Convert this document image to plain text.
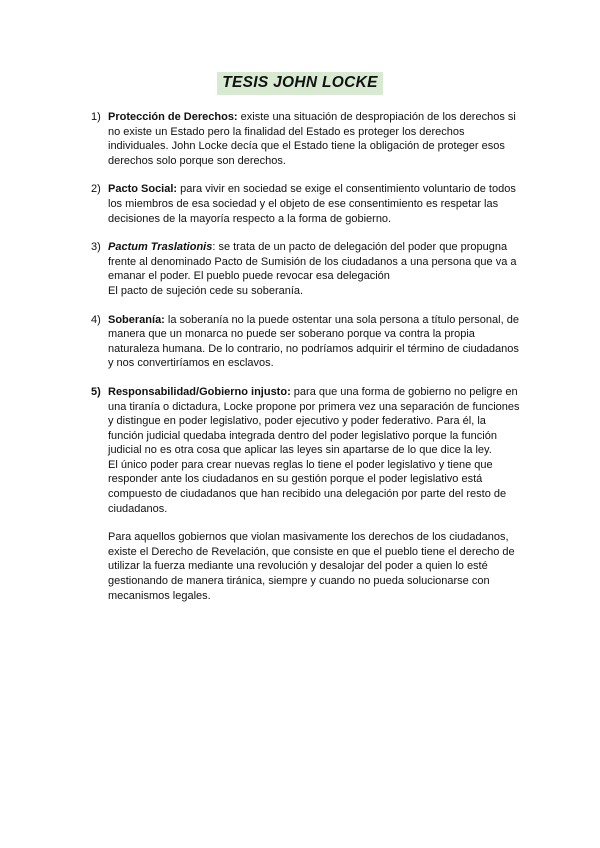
TESIS JOHN LOCKE
1) Protección de Derechos: existe una situación de despropiación de los derechos si no existe un Estado pero la finalidad del Estado es proteger los derechos individuales. John Locke decía que el Estado tiene la obligación de proteger esos derechos solo porque son derechos.

2) Pacto Social: para vivir en sociedad se exige el consentimiento voluntario de todos los miembros de esa sociedad y el objeto de ese consentimiento es respetar las decisiones de la mayoría respecto a la forma de gobierno.

3) Pactum Traslationis: se trata de un pacto de delegación del poder que propugna frente al denominado Pacto de Sumisión de los ciudadanos a una persona que va a emanar el poder. El pueblo puede revocar esa delegación
El pacto de sujeción cede su soberanía.

4) Soberanía: la soberanía no la puede ostentar una sola persona a título personal, de manera que un monarca no puede ser soberano porque va contra la propia naturaleza humana. De lo contrario, no podríamos adquirir el término de ciudadanos y nos convertiríamos en esclavos.

5) Responsabilidad/Gobierno injusto: para que una forma de gobierno no peligre en una tiranía o dictadura, Locke propone por primera vez una separación de funciones y distingue en poder legislativo, poder ejecutivo y poder federativo. Para él, la función judicial quedaba integrada dentro del poder legislativo porque la función judicial no es otra cosa que aplicar las leyes sin apartarse de lo que dice la ley.
El único poder para crear nuevas reglas lo tiene el poder legislativo y tiene que responder ante los ciudadanos en su gestión porque el poder legislativo está compuesto de ciudadanos que han recibido una delegación por parte del resto de ciudadanos.

Para aquellos gobiernos que violan masivamente los derechos de los ciudadanos, existe el Derecho de Revelación, que consiste en que el pueblo tiene el derecho de utilizar la fuerza mediante una revolución y desalojar del poder a quien lo esté gestionando de manera tiránica, siempre y cuando no pueda solucionarse con mecanismos legales.
